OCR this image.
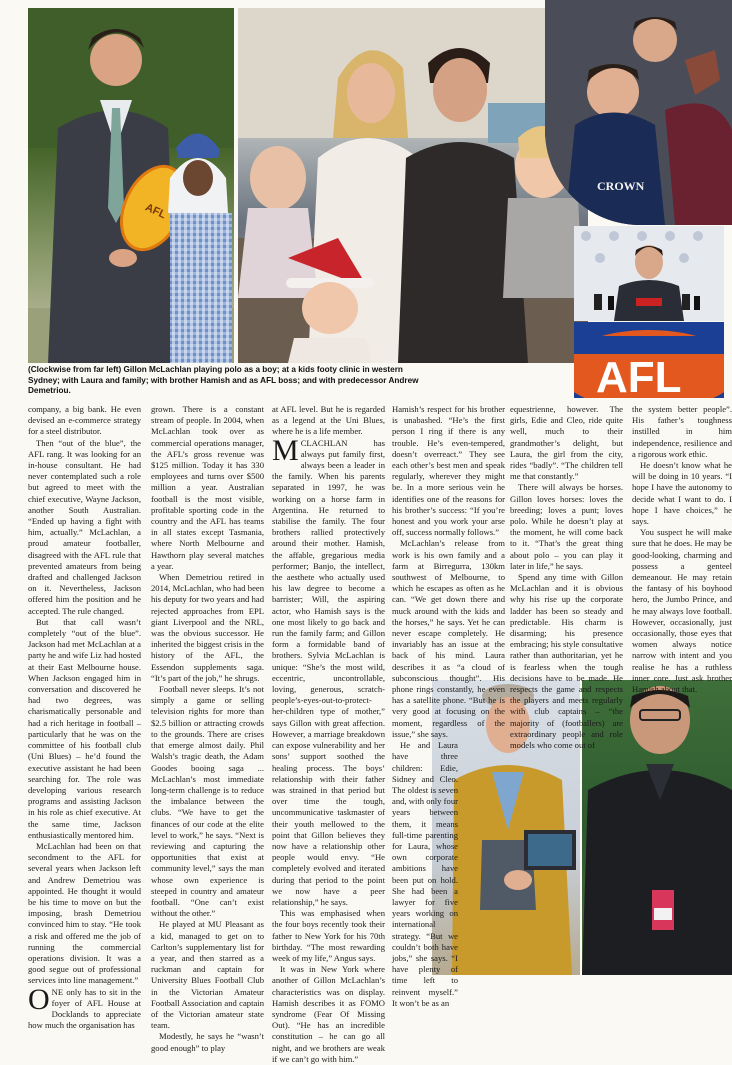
AFL
CROWN
AFL
(Clockwise from far left) Gillon McLachlan playing polo as a boy; at a kids footy clinic in western Sydney; with Laura and family; with brother Hamish and as AFL boss; and with predecessor Andrew Demetriou.

company, a big bank. He even devised an e-commerce strategy for a steel distributor.

Then “out of the blue”, the AFL rang. It was looking for an in-house consultant. He had never contemplated such a role but agreed to meet with the chief executive, Wayne Jackson, another South Australian. “Ended up having a fight with him, actually.” McLachlan, a proud amateur footballer, disagreed with the AFL rule that prevented amateurs from being drafted and challenged Jackson on it. Nevertheless, Jackson offered him the position and he accepted. The rule changed.

But that call wasn’t completely “out of the blue”. Jackson had met McLachlan at a party he and wife Liz had hosted at their East Melbourne house. When Jackson engaged him in conversation and discovered he had two degrees, was charismatically personable and had a rich heritage in football – particularly that he was on the committee of his football club (Uni Blues) – he’d found the executive assistant he had been searching for. The role was developing various research programs and assisting Jackson in his role as chief executive. At the same time, Jackson enthusiastically mentored him.

McLachlan had been on that secondment to the AFL for several years when Jackson left and Andrew Demetriou was appointed. He thought it would be his time to move on but the imposing, brash Demetriou convinced him to stay. “He took a risk and offered me the job of running the commercial operations division. It was a good segue out of professional services into line management.”

ONE only has to sit in the foyer of AFL House at Docklands to appreciate how much the organisation has

grown. There is a constant stream of people. In 2004, when McLachlan took over as commercial operations manager, the AFL’s gross revenue was $125 million. Today it has 330 employees and turns over $500 million a year. Australian football is the most visible, profitable sporting code in the country and the AFL has teams in all states except Tasmania, where North Melbourne and Hawthorn play several matches a year.

When Demetriou retired in 2014, McLachlan, who had been his deputy for two years and had rejected approaches from EPL giant Liverpool and the NRL, was the obvious successor. He inherited the biggest crisis in the history of the AFL, the Essendon supplements saga. “It’s part of the job,” he shrugs.

Football never sleeps. It’s not simply a game or selling television rights for more than $2.5 billion or attracting crowds to the grounds. There are crises that emerge almost daily. Phil Walsh’s tragic death, the Adam Goodes booing saga ... McLachlan’s most immediate long-term challenge is to reduce the imbalance between the clubs. “We have to get the finances of our code at the elite level to work,” he says. “Next is reviewing and capturing the opportunities that exist at community level,” says the man whose own experience is steeped in country and amateur football. “One can’t exist without the other.”

He played at MU Pleasant as a kid, managed to get on to Carlton’s supplementary list for a year, and then starred as a ruckman and captain for University Blues Football Club in the Victorian Amateur Football Association and captain of the Victorian amateur state team.

Modestly, he says he “wasn’t good enough” to play

at AFL level. But he is regarded as a legend at the Uni Blues, where he is a life member.

MCLACHLAN has always put family first, always been a leader in the family. When his parents separated in 1997, he was working on a horse farm in Argentina. He returned to stabilise the family. The four brothers rallied protectively around their mother. Hamish, the affable, gregarious media performer; Banjo, the intellect, the aesthete who actually used his law degree to become a barrister; Will, the aspiring actor, who Hamish says is the one most likely to go back and run the family farm; and Gillon form a formidable band of brothers. Sylvia McLachlan is unique: “She’s the most wild, eccentric, uncontrollable, loving, generous, scratch-people’s-eyes-out-to-protect-her-children type of mother,” says Gillon with great affection. However, a marriage breakdown can expose vulnerability and her sons’ support soothed the healing process. The boys’ relationship with their father was strained in that period but over time the tough, uncommunicative taskmaster of their youth mellowed to the point that Gillon believes they now have a relationship other people would envy. “He completely evolved and iterated during that period to the point we now have a peer relationship,” he says.

This was emphasised when the four boys recently took their father to New York for his 70th birthday. “The most rewarding week of my life,” Angus says.

It was in New York where another of Gillon McLachlan’s characteristics was on display. Hamish describes it as FOMO syndrome (Fear Of Missing Out). “He has an incredible constitution – he can go all night, and we brothers are weak if we can’t go with him.”

Hamish’s respect for his brother is unabashed. “He’s the first person I ring if there is any trouble. He’s even-tempered, doesn’t overreact.” They see each other’s best men and speak regularly, wherever they might be. In a more serious vein he identifies one of the reasons for his brother’s success: “If you’re honest and you work your arse off, success normally follows.”

McLachlan’s release from work is his own family and a farm at Birregurra, 130km southwest of Melbourne, to which he escapes as often as he can. “We get down there and muck around with the kids and the horses,” he says. Yet he can never escape completely. He invariably has an issue at the back of his mind. Laura describes it as “a cloud of subconscious thought”. His phone rings constantly, he even has a satellite phone. “But he is very good at focusing on the moment, regardless of the issue,” she says.

He and Laura have three children: Edie, Sidney and Cleo. The oldest is seven and, with only four years between them, it means full-time parenting for Laura, whose own corporate ambitions have been put on hold. She had been a lawyer for five years working on international strategy. “But we couldn’t both have jobs,” she says. “I have plenty of time left to reinvent myself.” It won’t be as an

equestrienne, however. The girls, Edie and Cleo, ride quite well, much to their grandmother’s delight, but Laura, the girl from the city, rides “badly”. “The children tell me that constantly.”

There will always be horses. Gillon loves horses: loves the breeding; loves a punt; loves polo. While he doesn’t play at the moment, he will come back to it. “That’s the great thing about polo – you can play it later in life,” he says.

Spend any time with Gillon McLachlan and it is obvious why his rise up the corporate ladder has been so steady and predictable. His charm is disarming; his presence embracing; his style consultative rather than authoritarian, yet he is fearless when the tough decisions have to be made. He respects the game and respects the players and meets regularly with club captains – “the majority of (footballers) are extraordinary people and role models who come out of

the system better people”. His father’s toughness instilled in him independence, resilience and a rigorous work ethic.

He doesn’t know what he will be doing in 10 years. “I hope I have the autonomy to decide what I want to do. I hope I have choices,” he says.

You suspect he will make sure that he does. He may be good-looking, charming and possess a genteel demeanour. He may retain the fantasy of his boyhood hero, the Jumbo Prince, and he may always love football. However, occasionally, just occasionally, those eyes that women always notice narrow with intent and you realise he has a ruthless inner core. Just ask brother Hamish about that.
